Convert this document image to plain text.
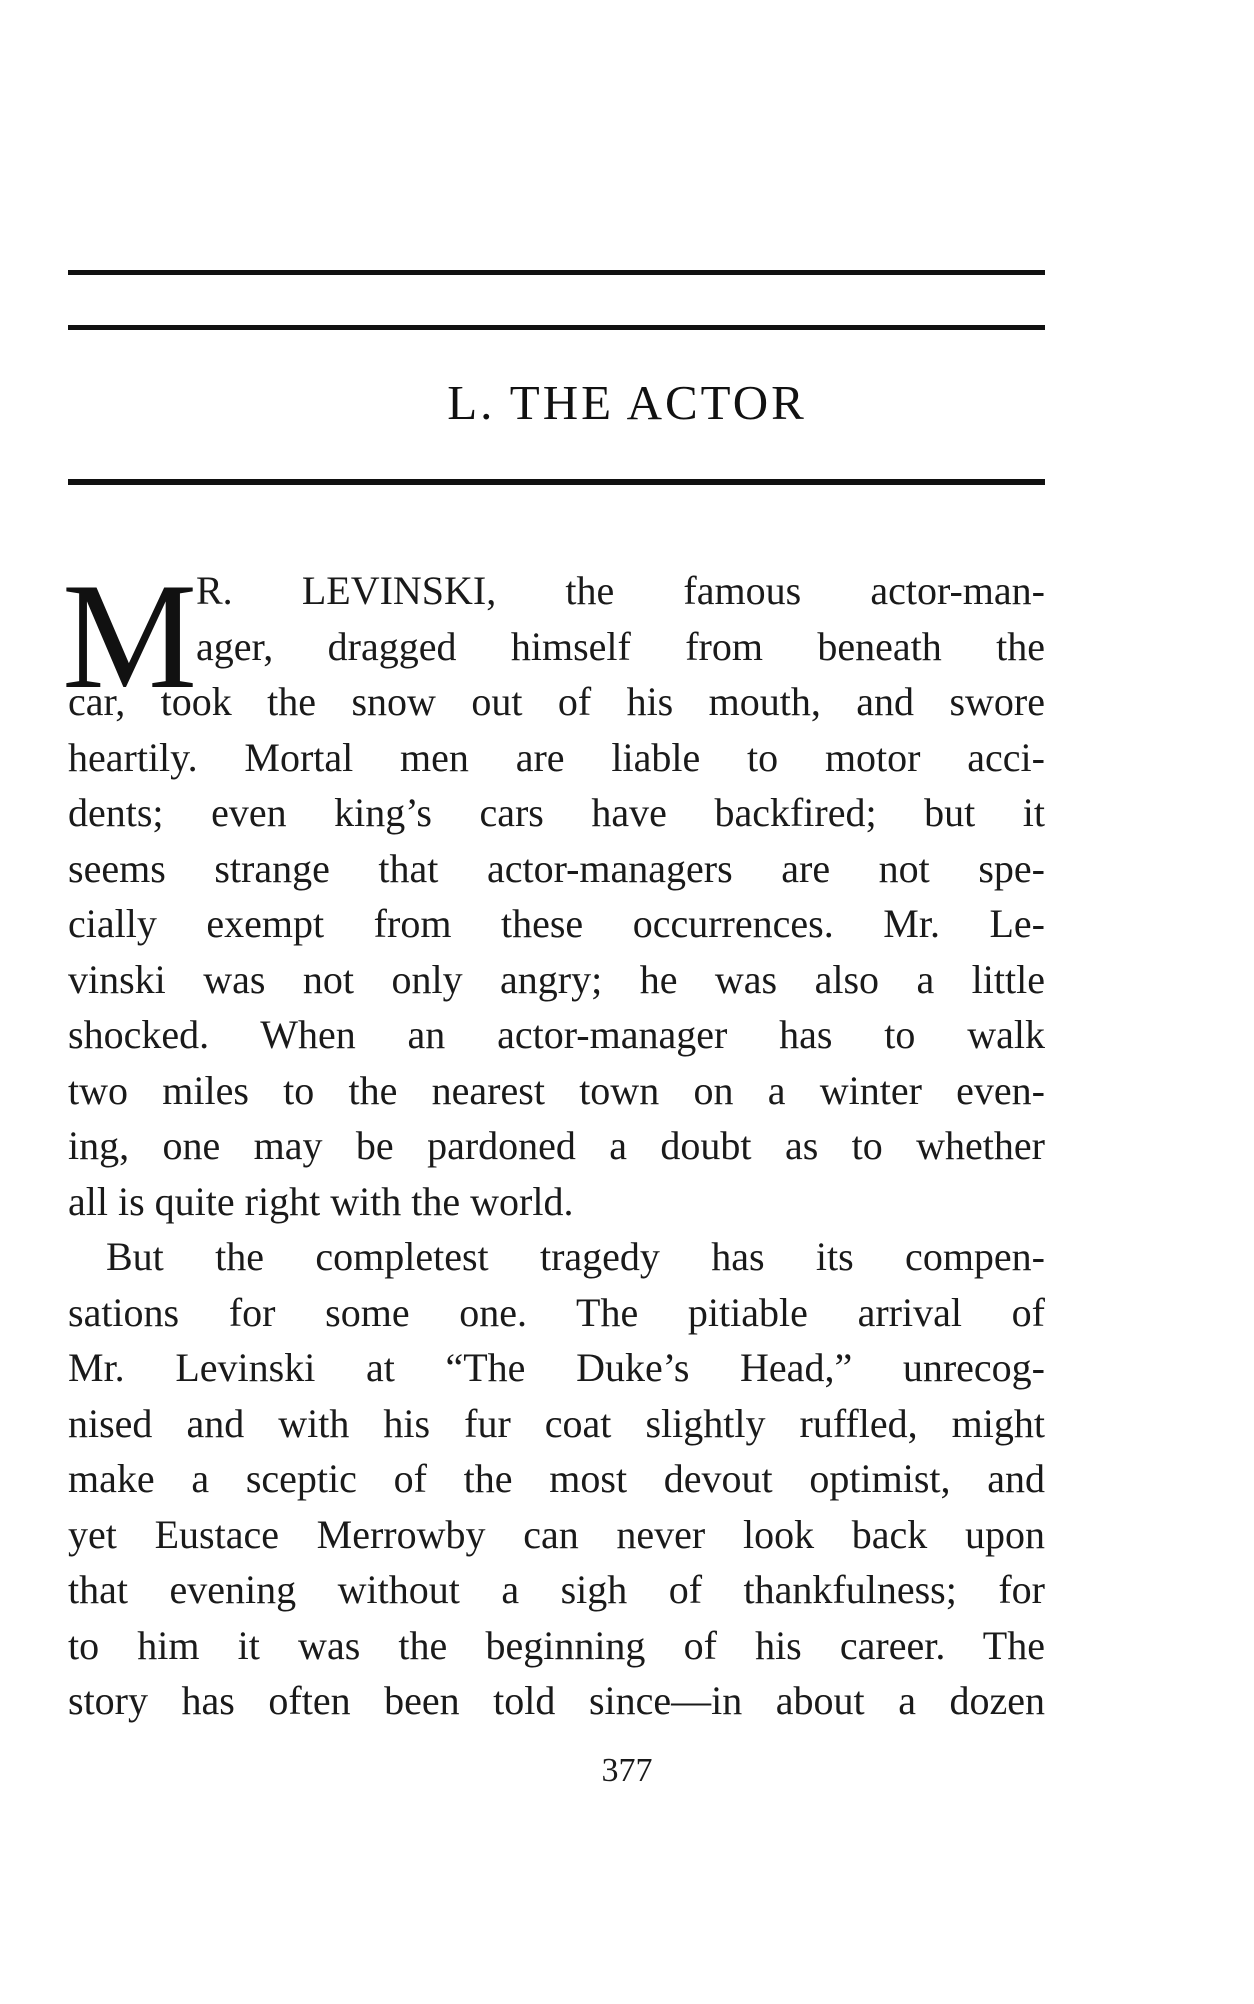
L. THE ACTOR
M
R. LEVINSKI, the famous actor-man-
ager, dragged himself from beneath the
car, took the snow out of his mouth, and swore
heartily. Mortal men are liable to motor acci-
dents; even king’s cars have backfired; but it
seems strange that actor-managers are not spe-
cially exempt from these occurrences. Mr. Le-
vinski was not only angry; he was also a little
shocked. When an actor-manager has to walk
two miles to the nearest town on a winter even-
ing, one may be pardoned a doubt as to whether
all is quite right with the world.
But the completest tragedy has its compen-
sations for some one. The pitiable arrival of
Mr. Levinski at “The Duke’s Head,” unrecog-
nised and with his fur coat slightly ruffled, might
make a sceptic of the most devout optimist, and
yet Eustace Merrowby can never look back upon
that evening without a sigh of thankfulness; for
to him it was the beginning of his career. The
story has often been told since—in about a dozen
377
